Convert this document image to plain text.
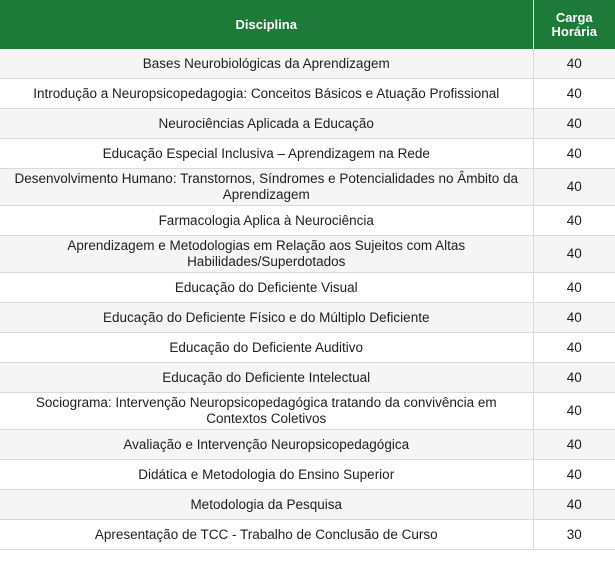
Disciplina	Carga Horária
Bases Neurobiológicas da Aprendizagem	40
Introdução a Neuropsicopedagogia: Conceitos Básicos e Atuação Profissional	40
Neurociências Aplicada a Educação	40
Educação Especial Inclusiva – Aprendizagem na Rede	40
Desenvolvimento Humano: Transtornos, Síndromes e Potencialidades no Âmbito da Aprendizagem	40
Farmacologia Aplica à Neurociência	40
Aprendizagem e Metodologias em Relação aos Sujeitos com Altas Habilidades/Superdotados	40
Educação do Deficiente Visual	40
Educação do Deficiente Físico e do Múltiplo Deficiente	40
Educação do Deficiente Auditivo	40
Educação do Deficiente Intelectual	40
Sociograma: Intervenção Neuropsicopedagógica tratando da convivência em Contextos Coletivos	40
Avaliação e Intervenção Neuropsicopedagógica	40
Didática e Metodologia do Ensino Superior	40
Metodologia da Pesquisa	40
Apresentação de TCC - Trabalho de Conclusão de Curso	30
